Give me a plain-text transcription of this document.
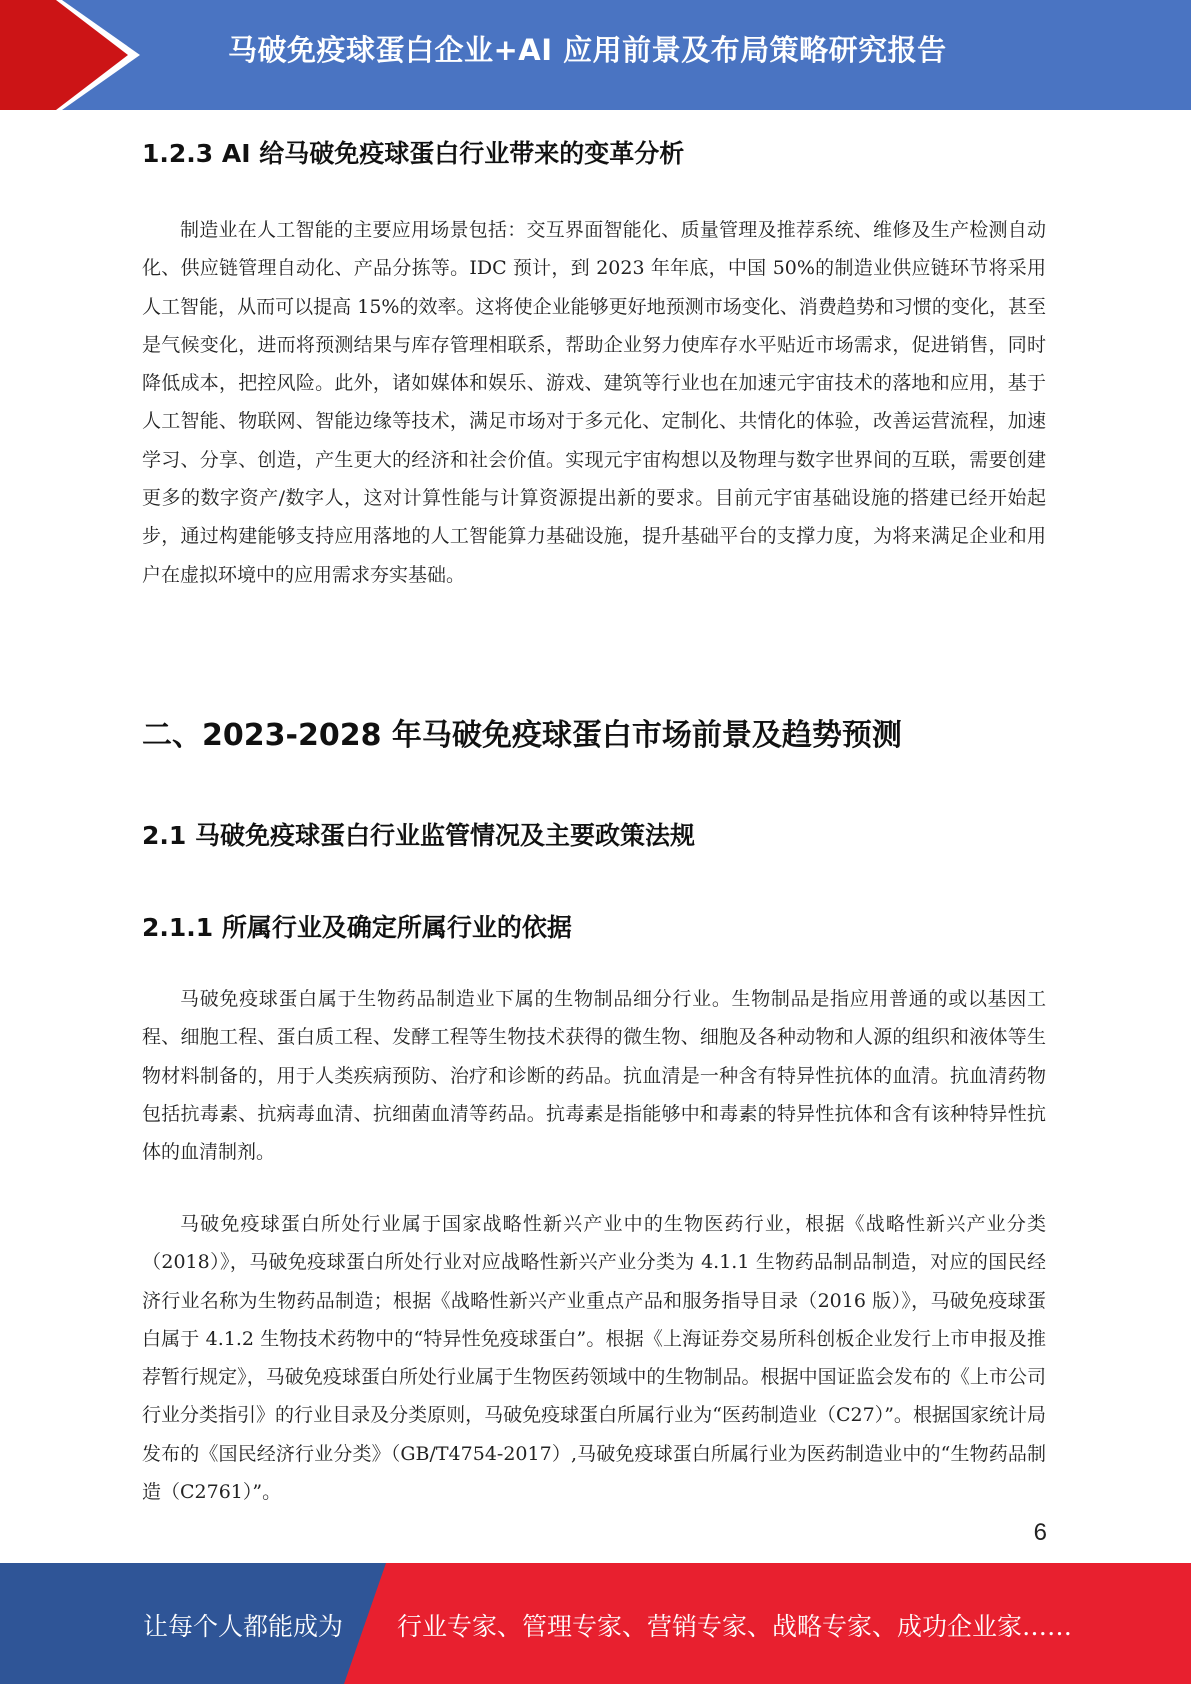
马破免疫球蛋白企业+AI 应用前景及布局策略研究报告
1.2.3 AI 给马破免疫球蛋白行业带来的变革分析

制造业在人工智能的主要应用场景包括：交互界面智能化、质量管理及推荐系统、维修及生产检测自动化、供应链管理自动化、产品分拣等。IDC 预计，到 2023 年年底，中国 50%的制造业供应链环节将采用人工智能，从而可以提高 15%的效率。这将使企业能够更好地预测市场变化、消费趋势和习惯的变化，甚至是气候变化，进而将预测结果与库存管理相联系，帮助企业努力使库存水平贴近市场需求，促进销售，同时降低成本，把控风险。此外，诸如媒体和娱乐、游戏、建筑等行业也在加速元宇宙技术的落地和应用，基于人工智能、物联网、智能边缘等技术，满足市场对于多元化、定制化、共情化的体验，改善运营流程，加速学习、分享、创造，产生更大的经济和社会价值。实现元宇宙构想以及物理与数字世界间的互联，需要创建更多的数字资产/数字人，这对计算性能与计算资源提出新的要求。目前元宇宙基础设施的搭建已经开始起步，通过构建能够支持应用落地的人工智能算力基础设施，提升基础平台的支撑力度，为将来满足企业和用户在虚拟环境中的应用需求夯实基础。

二、2023-2028 年马破免疫球蛋白市场前景及趋势预测
2.1 马破免疫球蛋白行业监管情况及主要政策法规
2.1.1 所属行业及确定所属行业的依据

马破免疫球蛋白属于生物药品制造业下属的生物制品细分行业。生物制品是指应用普通的或以基因工程、细胞工程、蛋白质工程、发酵工程等生物技术获得的微生物、细胞及各种动物和人源的组织和液体等生物材料制备的，用于人类疾病预防、治疗和诊断的药品。抗血清是一种含有特异性抗体的血清。抗血清药物包括抗毒素、抗病毒血清、抗细菌血清等药品。抗毒素是指能够中和毒素的特异性抗体和含有该种特异性抗体的血清制剂。

马破免疫球蛋白所处行业属于国家战略性新兴产业中的生物医药行业，根据《战略性新兴产业分类（2018）》，马破免疫球蛋白所处行业对应战略性新兴产业分类为 4.1.1 生物药品制品制造，对应的国民经济行业名称为生物药品制造；根据《战略性新兴产业重点产品和服务指导目录（2016 版）》，马破免疫球蛋白属于 4.1.2 生物技术药物中的“特异性免疫球蛋白”。根据《上海证券交易所科创板企业发行上市申报及推荐暂行规定》，马破免疫球蛋白所处行业属于生物医药领域中的生物制品。根据中国证监会发布的《上市公司行业分类指引》的行业目录及分类原则，马破免疫球蛋白所属行业为“医药制造业（C27）”。根据国家统计局发布的《国民经济行业分类》（GB/T4754-2017）,马破免疫球蛋白所属行业为医药制造业中的“生物药品制造（C2761）”。

6
让每个人都能成为 行业专家、管理专家、营销专家、战略专家、成功企业家……
